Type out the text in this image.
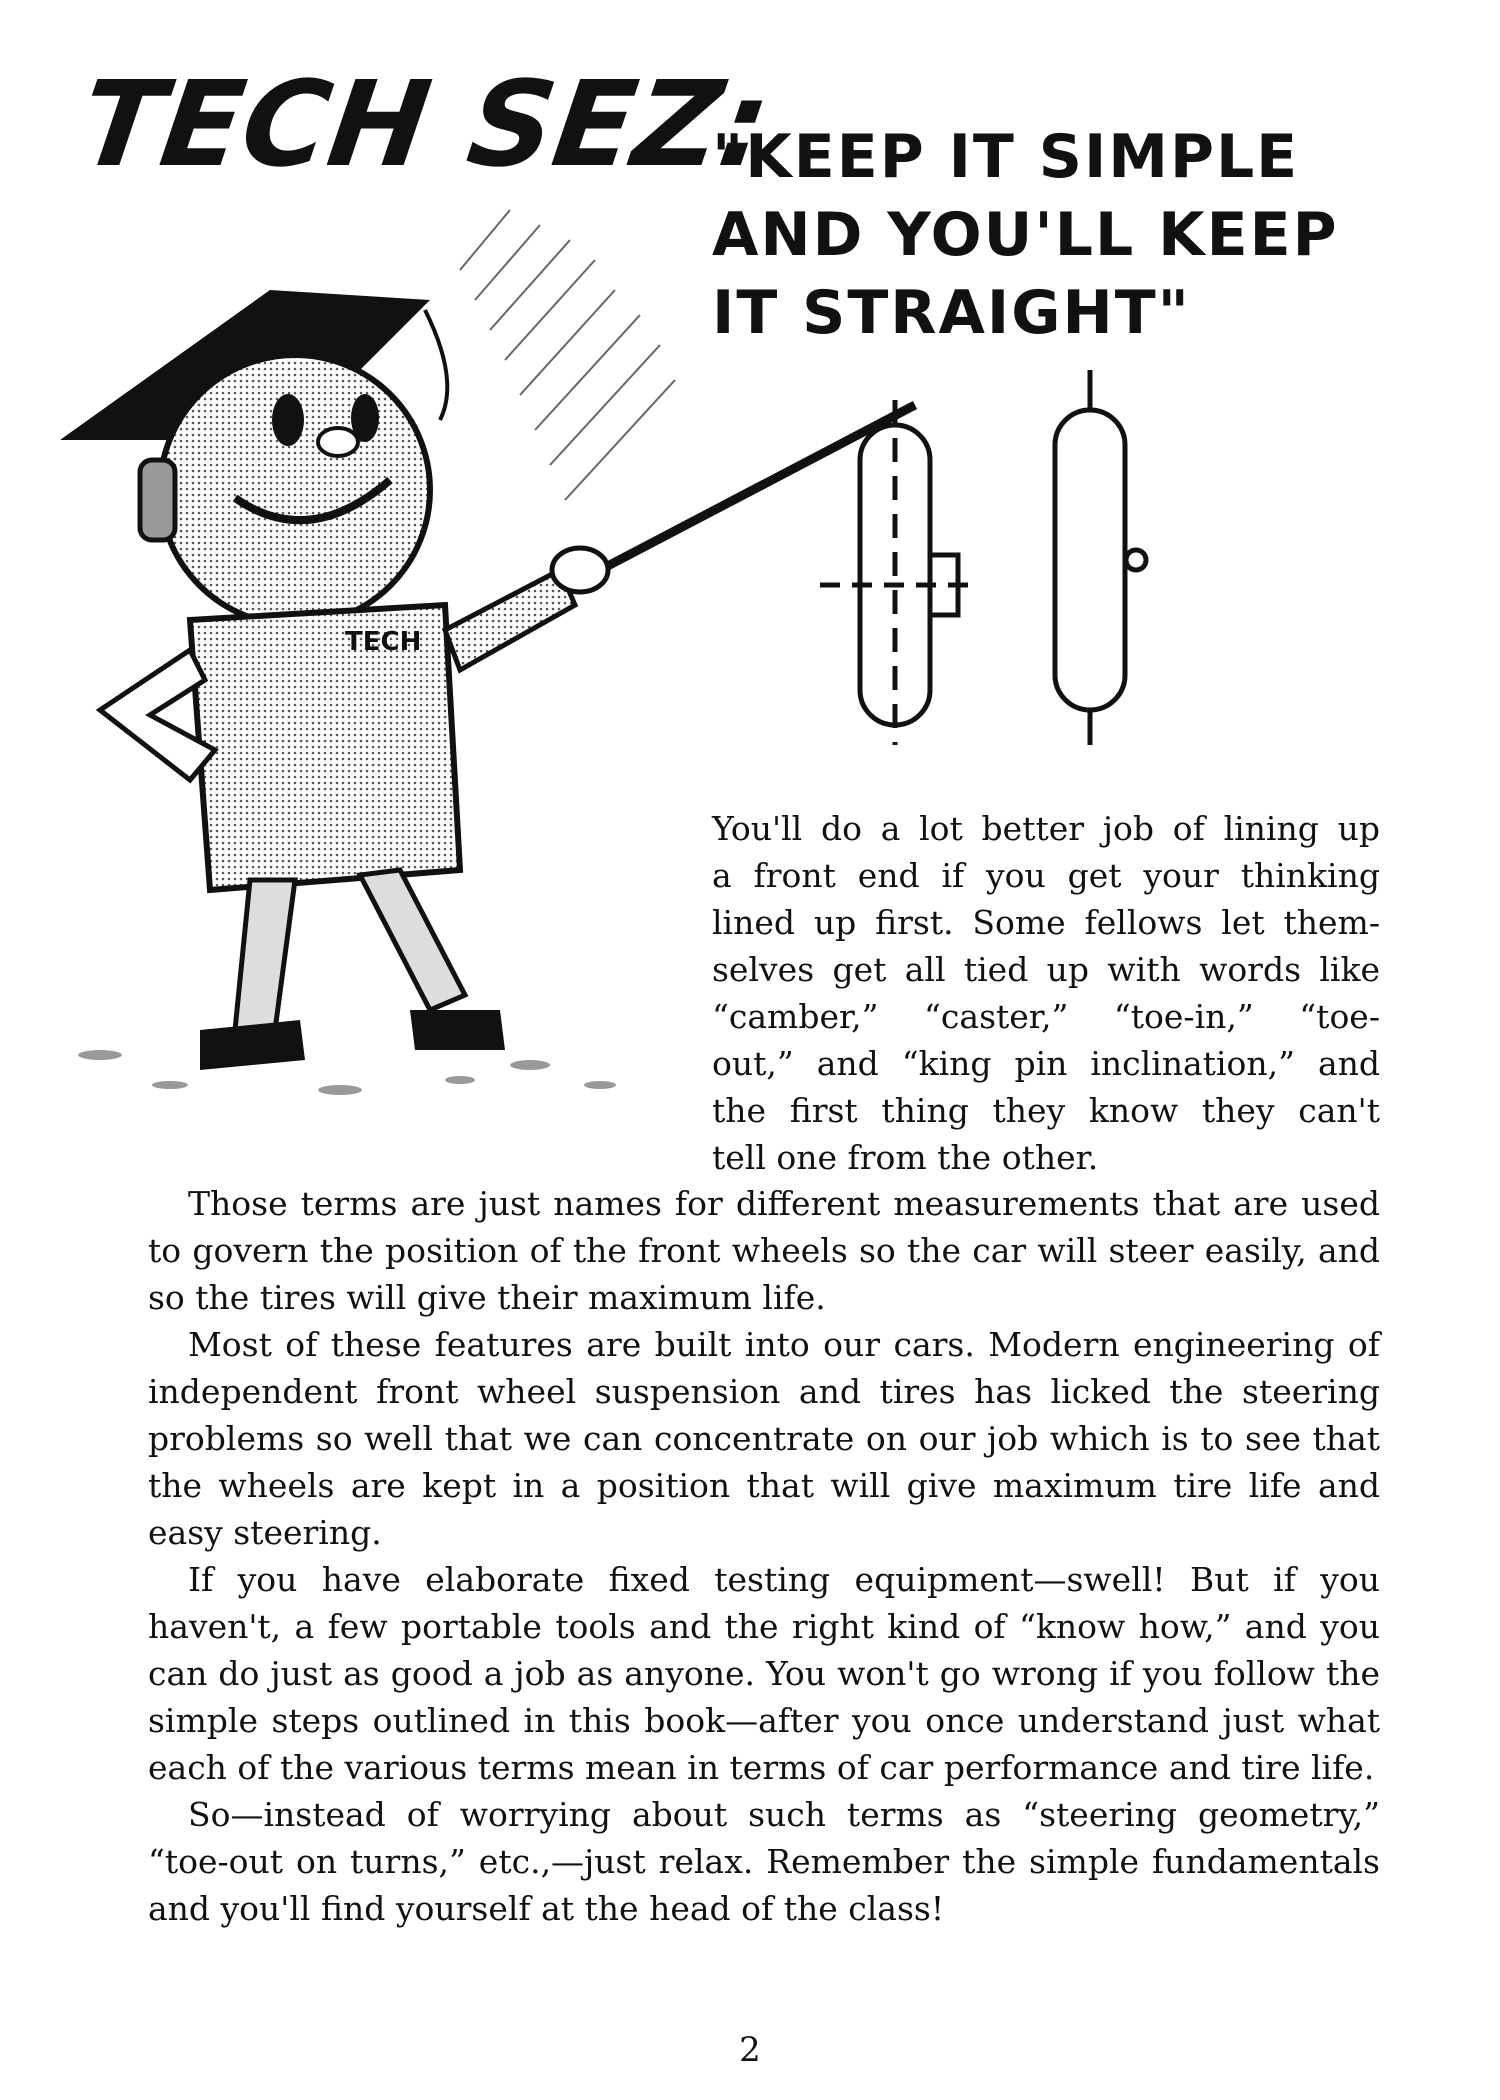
TECH SEZ:
"KEEP IT SIMPLE
AND YOU'LL KEEP
IT STRAIGHT"
TECH
You'll do a lot better job of lining up
a front end if you get your thinking
lined up first. Some fellows let them-
selves get all tied up with words like
“camber,” “caster,” “toe-in,” “toe-
out,” and “king pin inclination,” and
the first thing they know they can't
tell one from the other.

Those terms are just names for different measurements that are used to govern the position of the front wheels so the car will steer easily, and so the tires will give their maximum life.

Most of these features are built into our cars. Modern engineering of independent front wheel suspension and tires has licked the steering problems so well that we can concentrate on our job which is to see that the wheels are kept in a position that will give maximum tire life and easy steering.

If you have elaborate fixed testing equipment—swell! But if you haven't, a few portable tools and the right kind of “know how,” and you can do just as good a job as anyone. You won't go wrong if you follow the simple steps outlined in this book—after you once understand just what each of the various terms mean in terms of car performance and tire life.

So—instead of worrying about such terms as “steering geometry,” “toe-out on turns,” etc.,—just relax. Remember the simple fundamentals and you'll find yourself at the head of the class!

2
